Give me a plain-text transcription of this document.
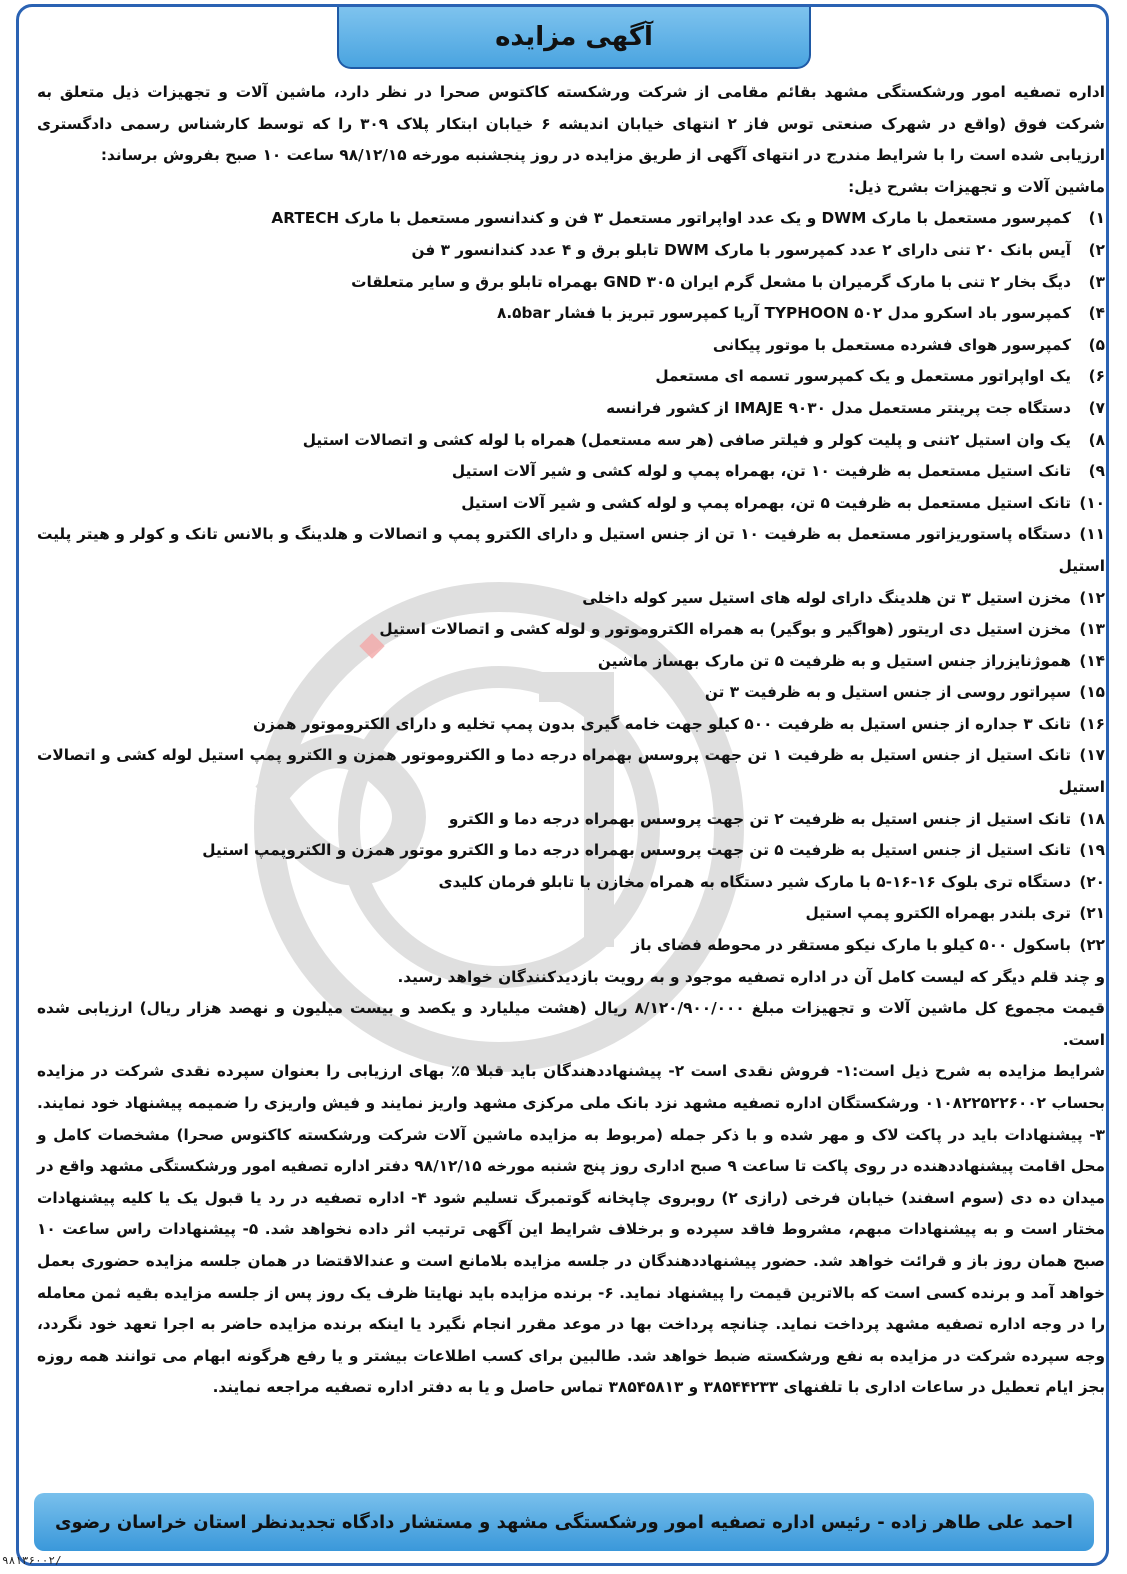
آگهی مزایده

اداره تصفیه امور ورشکستگی مشهد بقائم مقامی از شرکت ورشکسته کاکتوس صحرا در نظر دارد، ماشین آلات و تجهیزات ذیل متعلق به شرکت فوق (واقع در شهرک صنعتی توس فاز ۲ انتهای خیابان اندیشه ۶ خیابان ابتکار پلاک ۳۰۹ را که توسط کارشناس رسمی دادگستری ارزیابی شده است را با شرایط مندرج در انتهای آگهی از طریق مزایده در روز پنجشنبه مورخه ۹۸/۱۲/۱۵ ساعت ۱۰ صبح بفروش برساند:

ماشین آلات و تجهیزات بشرح ذیل:

۱)کمپرسور مستعمل با مارک DWM و یک عدد اواپراتور مستعمل ۳ فن و کندانسور مستعمل با مارک ARTECH
۲)آیس بانک ۲۰ تنی دارای ۲ عدد کمپرسور با مارک DWM تابلو برق و ۴ عدد کندانسور ۳ فن
۳)دیگ بخار ۲ تنی با مارک گرمیران با مشعل گرم ایران ۳۰۵ GND بهمراه تابلو برق و سایر متعلقات
۴)کمپرسور باد اسکرو مدل ۵۰۲ TYPHOON آریا کمپرسور تبریز با فشار ۸.۵bar
۵)کمپرسور هوای فشرده مستعمل با موتور پیکانی
۶)یک اواپراتور مستعمل و یک کمپرسور تسمه ای مستعمل
۷)دستگاه جت پرینتر مستعمل مدل ۹۰۳۰ IMAJE از کشور فرانسه
۸)یک وان استیل ۲تنی و پلیت کولر و فیلتر صافی (هر سه مستعمل) همراه با لوله کشی و اتصالات استیل
۹)تانک استیل مستعمل به ظرفیت ۱۰ تن، بهمراه پمپ و لوله کشی و شیر آلات استیل
۱۰)تانک استیل مستعمل به ظرفیت ۵ تن، بهمراه پمپ و لوله کشی و شیر آلات استیل
۱۱)دستگاه پاستوریزاتور مستعمل به ظرفیت ۱۰ تن از جنس استیل و دارای الکترو پمپ و اتصالات و هلدینگ و بالانس تانک و کولر و هیتر پلیت استیل
۱۲)مخزن استیل ۳ تن هلدینگ دارای لوله های استیل سیر کوله داخلی
۱۳)مخزن استیل دی اریتور (هواگیر و بوگیر) به همراه الکتروموتور و لوله کشی و اتصالات استیل
۱۴)هموژنایزراز جنس استیل و به ظرفیت ۵ تن مارک بهساز ماشین
۱۵)سپراتور روسی از جنس استیل و به ظرفیت ۳ تن
۱۶)تانک ۳ جداره از جنس استیل به ظرفیت ۵۰۰ کیلو جهت خامه گیری بدون پمپ تخلیه و دارای الکتروموتور همزن
۱۷)تانک استیل از جنس استیل به ظرفیت ۱ تن جهت پروسس بهمراه درجه دما و الکتروموتور همزن و الکترو پمپ استیل لوله کشی و اتصالات استیل
۱۸)تانک استیل از جنس استیل به ظرفیت ۲ تن جهت پروسس بهمراه درجه دما و الکترو
۱۹)تانک استیل از جنس استیل به ظرفیت ۵ تن جهت پروسس بهمراه درجه دما و الکترو موتور همزن و الکتروپمپ استیل
۲۰)دستگاه تری بلوک ۱۶-۱۶-۵ با مارک شیر دستگاه به همراه مخازن با تابلو فرمان کلیدی
۲۱)تری بلندر بهمراه الکترو پمپ استیل
۲۲)باسکول ۵۰۰ کیلو با مارک نیکو مستقر در محوطه فضای باز

و چند قلم دیگر که لیست کامل آن در اداره تصفیه موجود و به رویت بازدیدکنندگان خواهد رسید.

قیمت مجموع کل ماشین آلات و تجهیزات مبلغ ۸/۱۲۰/۹۰۰/۰۰۰ ریال (هشت میلیارد و یکصد و بیست میلیون و نهصد هزار ریال) ارزیابی شده است.

شرایط مزایده به شرح ذیل است:۱- فروش نقدی است ۲- پیشنهاددهندگان باید قبلا ۵٪ بهای ارزیابی را بعنوان سپرده نقدی شرکت در مزایده بحساب ۰۱۰۸۲۲۵۲۲۶۰۰۲ ورشکستگان اداره تصفیه مشهد نزد بانک ملی مرکزی مشهد واریز نمایند و فیش واریزی را ضمیمه پیشنهاد خود نمایند. ۳- پیشنهادات باید در پاکت لاک و مهر شده و با ذکر جمله (مربوط به مزایده ماشین آلات شرکت ورشکسته کاکتوس صحرا) مشخصات کامل و محل اقامت پیشنهاددهنده در روی پاکت تا ساعت ۹ صبح اداری روز پنج شنبه مورخه ۹۸/۱۲/۱۵ دفتر اداره تصفیه امور ورشکستگی مشهد واقع در میدان ده دی (سوم اسفند) خیابان فرخی (رازی ۲) روبروی چاپخانه گوتمبرگ تسلیم شود ۴- اداره تصفیه در رد یا قبول یک یا کلیه پیشنهادات مختار است و به پیشنهادات مبهم، مشروط فاقد سپرده و برخلاف شرایط این آگهی ترتیب اثر داده نخواهد شد. ۵- پیشنهادات راس ساعت ۱۰ صبح همان روز باز و قرائت خواهد شد. حضور پیشنهاددهندگان در جلسه مزایده بلامانع است و عندالاقتضا در همان جلسه مزایده حضوری بعمل خواهد آمد و برنده کسی است که بالاترین قیمت را پیشنهاد نماید. ۶- برنده مزایده باید نهایتا ظرف یک روز پس از جلسه مزایده بقیه ثمن معامله را در وجه اداره تصفیه مشهد پرداخت نماید. چنانچه پرداخت بها در موعد مقرر انجام نگیرد یا اینکه برنده مزایده حاضر به اجرا تعهد خود نگردد، وجه سپرده شرکت در مزایده به نفع ورشکسته ضبط خواهد شد. طالبین برای کسب اطلاعات بیشتر و یا رفع هرگونه ابهام می توانند همه روزه بجز ایام تعطیل در ساعات اداری با تلفنهای ۳۸۵۴۴۲۳۳ و ۳۸۵۴۵۸۱۳ تماس حاصل و یا به دفتر اداره تصفیه مراجعه نمایند.

احمد علی طاهر زاده - رئیس اداره تصفیه امور ورشکستگی مشهد و مستشار دادگاه تجدیدنظر استان خراسان رضوی
۹۸۱۳۶۰۰۲/
